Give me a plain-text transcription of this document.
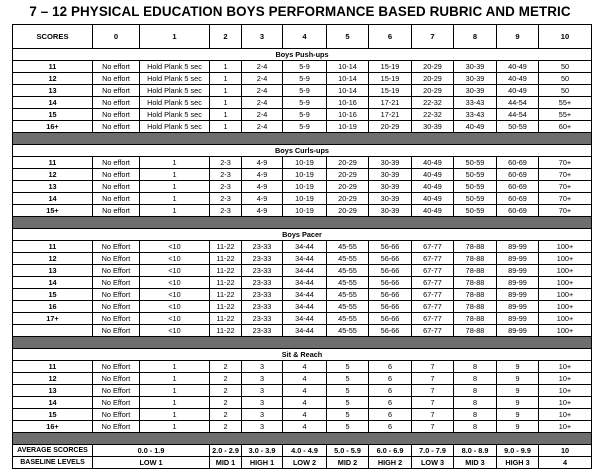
7 – 12 PHYSICAL EDUCATION BOYS PERFORMANCE BASED RUBRIC AND METRIC
SCORES	0	1	2	3	4	5	6	7	8	9	10
Boys Push-ups											
11	No effort	Hold Plank 5 sec	1	2-4	5-9	10-14	15-19	20-29	30-39	40-49	50
12	No effort	Hold Plank 5 sec	1	2-4	5-9	10-14	15-19	20-29	30-39	40-49	50
13	No effort	Hold Plank 5 sec	1	2-4	5-9	10-14	15-19	20-29	30-39	40-49	50
14	No effort	Hold Plank 5 sec	1	2-4	5-9	10-16	17-21	22-32	33-43	44-54	55+
15	No effort	Hold Plank 5 sec	1	2-4	5-9	10-16	17-21	22-32	33-43	44-54	55+
16+	No effort	Hold Plank 5 sec	1	2-4	5-9	10-19	20-29	30-39	40-49	50-59	60+

Boys Curls-ups											
11	No effort	1	2-3	4-9	10-19	20-29	30-39	40-49	50-59	60-69	70+
12	No effort	1	2-3	4-9	10-19	20-29	30-39	40-49	50-59	60-69	70+
13	No effort	1	2-3	4-9	10-19	20-29	30-39	40-49	50-59	60-69	70+
14	No effort	1	2-3	4-9	10-19	20-29	30-39	40-49	50-59	60-69	70+
15+	No effort	1	2-3	4-9	10-19	20-29	30-39	40-49	50-59	60-69	70+

Boys Pacer											
11	No Effort	<10	11-22	23-33	34-44	45-55	56-66	67-77	78-88	89-99	100+
12	No Effort	<10	11-22	23-33	34-44	45-55	56-66	67-77	78-88	89-99	100+
13	No Effort	<10	11-22	23-33	34-44	45-55	56-66	67-77	78-88	89-99	100+
14	No Effort	<10	11-22	23-33	34-44	45-55	56-66	67-77	78-88	89-99	100+
15	No Effort	<10	11-22	23-33	34-44	45-55	56-66	67-77	78-88	89-99	100+
16	No Effort	<10	11-22	23-33	34-44	45-55	56-66	67-77	78-88	89-99	100+
17+	No Effort	<10	11-22	23-33	34-44	45-55	56-66	67-77	78-88	89-99	100+
	No Effort	<10	11-22	23-33	34-44	45-55	56-66	67-77	78-88	89-99	100+

Sit & Reach											
11	No Effort	1	2	3	4	5	6	7	8	9	10+
12	No Effort	1	2	3	4	5	6	7	8	9	10+
13	No Effort	1	2	3	4	5	6	7	8	9	10+
14	No Effort	1	2	3	4	5	6	7	8	9	10+
15	No Effort	1	2	3	4	5	6	7	8	9	10+
16+	No Effort	1	2	3	4	5	6	7	8	9	10+

AVERAGE SCORCES	0.0 - 1.9		2.0 - 2.9	3.0 - 3.9	4.0 - 4.9	5.0 - 5.9	6.0 - 6.9	7.0 - 7.9	8.0 - 8.9	9.0 - 9.9	10
BASELINE LEVELS	LOW 1		MID 1	HIGH 1	LOW 2	MID 2	HIGH 2	LOW 3	MID 3	HIGH 3	4
